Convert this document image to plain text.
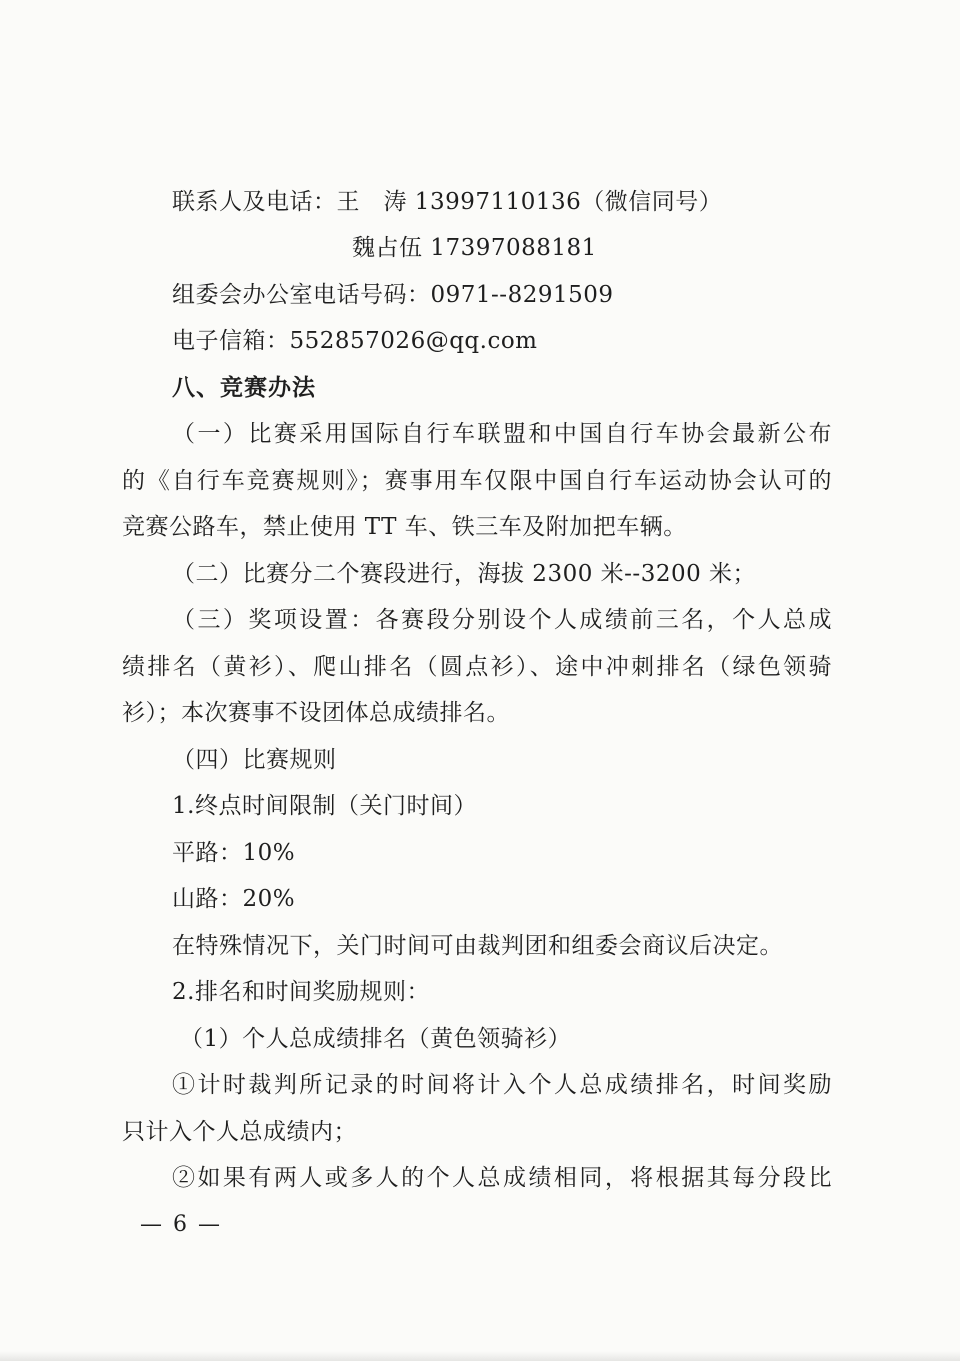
联系人及电话：王　涛 13997110136（微信同号）
魏占伍 17397088181
组委会办公室电话号码：0971--8291509
电子信箱：552857026@qq.com
八、竞赛办法
（一）比赛采用国际自行车联盟和中国自行车协会最新公布
的《自行车竞赛规则》；赛事用车仅限中国自行车运动协会认可的
竞赛公路车，禁止使用 TT 车、铁三车及附加把车辆。
（二）比赛分二个赛段进行，海拔 2300 米--3200 米；
（三）奖项设置：各赛段分别设个人成绩前三名，个人总成
绩排名（黄衫）、爬山排名（圆点衫）、途中冲刺排名（绿色领骑
衫）；本次赛事不设团体总成绩排名。
（四）比赛规则
1.终点时间限制（关门时间）
平路：10%
山路：20%
在特殊情况下，关门时间可由裁判团和组委会商议后决定。
2.排名和时间奖励规则：
（1）个人总成绩排名（黄色领骑衫）
①计时裁判所记录的时间将计入个人总成绩排名，时间奖励
只计入个人总成绩内；
②如果有两人或多人的个人总成绩相同，将根据其每分段比
— 6 —
